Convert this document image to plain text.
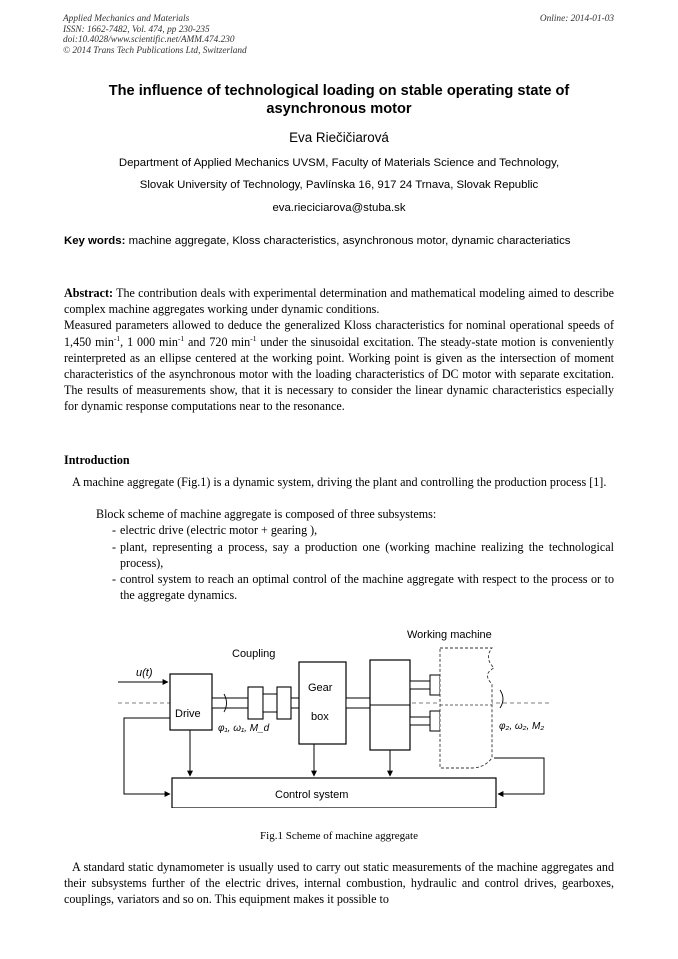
Applied Mechanics and Materials
ISSN: 1662-7482, Vol. 474, pp 230-235
doi:10.4028/www.scientific.net/AMM.474.230
© 2014 Trans Tech Publications Ltd, Switzerland
Online: 2014-01-03
The influence of technological loading on stable operating state of
asynchronous motor
Eva Riečičiarová
Department of Applied Mechanics UVSM, Faculty of Materials Science and Technology,
Slovak University of Technology, Pavlínska 16, 917 24 Trnava, Slovak Republic
eva.rieciciarova@stuba.sk
Key words: machine aggregate, Kloss characteristics, asynchronous motor, dynamic characteriatics
Abstract: The contribution deals with experimental determination and mathematical modeling aimed to describe complex machine aggregates working under dynamic conditions.
Measured parameters allowed to deduce the generalized Kloss characteristics for nominal operational speeds of 1,450 $\min^{-1}$, 1 000 $\min^{-1}$ and 720 $\min^{-1}$ under the sinusoidal excitation. The steady-state motion is conveniently reinterpreted as an ellipse centered at the working point. Working point is given as the intersection of moment characteristics of the asynchronous motor with the loading characteristics of DC motor with separate excitation. The results of measurements show, that it is necessary to consider the linear dynamic characteristics especially for dynamic response computations near to the resonance.
Introduction
A machine aggregate (Fig.1) is a dynamic system, driving the plant and controlling the production process [1].
Block scheme of machine aggregate is composed of three subsystems:
- electric drive (electric motor + gearing ),
- plant, representing a process, say a production one (working machine realizing the technological process),
- control system to reach an optimal control of the machine aggregate with respect to the process or to the aggregate dynamics.
u(t)
Drive
Coupling
φ₁, ω₁, M_d
Gear
box
Working machine
φ₂, ω₂, M₂
Control system
Fig.1 Scheme of machine aggregate
A standard static dynamometer is usually used to carry out static measurements of the machine aggregates and their subsystems further of the electric drives, internal combustion, hydraulic and control drives, gearboxes, couplings, variators and so on. This equipment makes it possible to
